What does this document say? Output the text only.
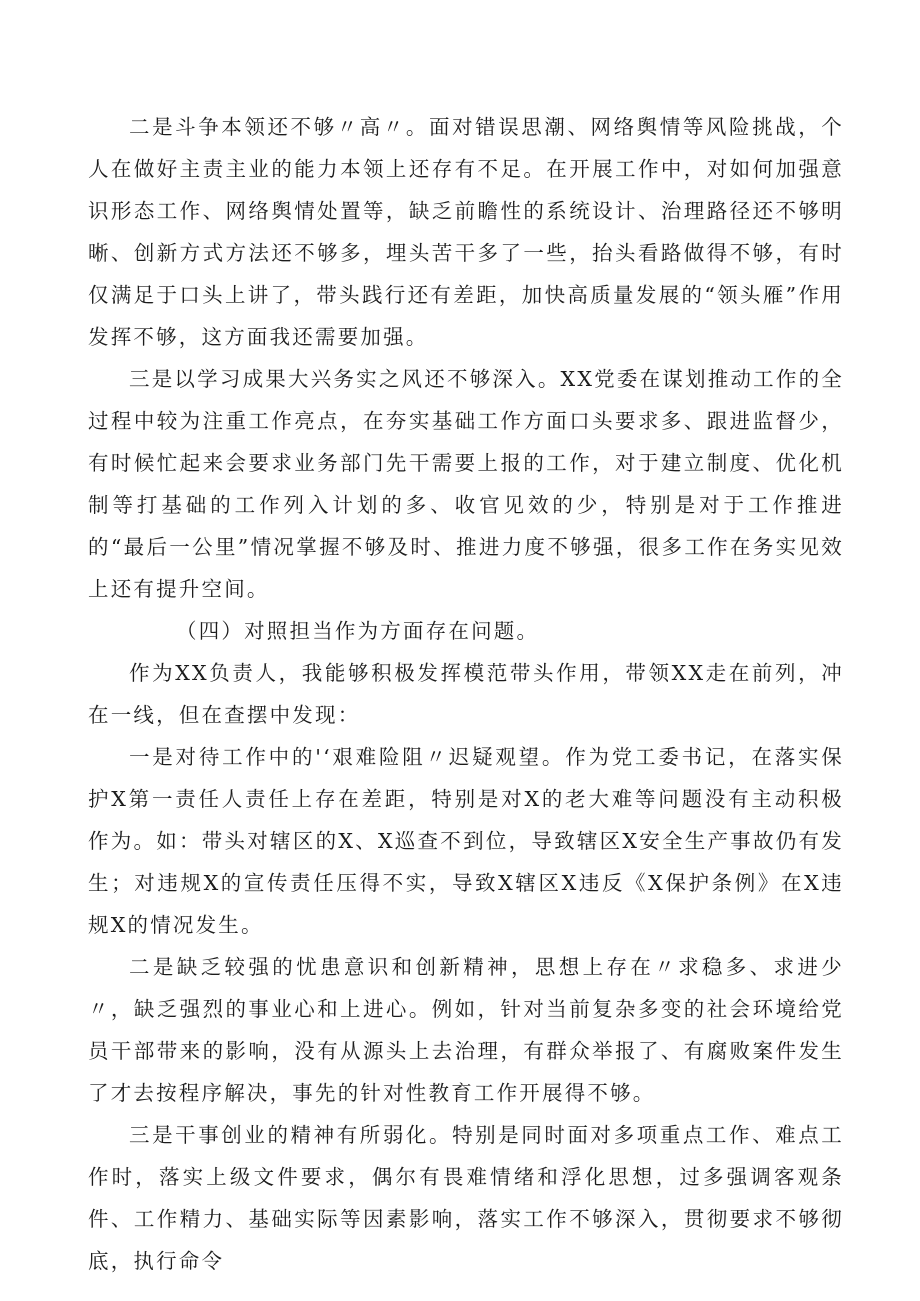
二是斗争本领还不够〃高〃。面对错误思潮、网络舆情等风险挑战，个人在做好主责主业的能力本领上还存有不足。在开展工作中，对如何加强意识形态工作、网络舆情处置等，缺乏前瞻性的系统设计、治理路径还不够明晰、创新方式方法还不够多，埋头苦干多了一些，抬头看路做得不够，有时仅满足于口头上讲了，带头践行还有差距，加快高质量发展的“领头雁”作用发挥不够，这方面我还需要加强。

三是以学习成果大兴务实之风还不够深入。XX党委在谋划推动工作的全过程中较为注重工作亮点，在夯实基础工作方面口头要求多、跟进监督少，有时候忙起来会要求业务部门先干需要上报的工作，对于建立制度、优化机制等打基础的工作列入计划的多、收官见效的少，特别是对于工作推进的“最后一公里”情况掌握不够及时、推进力度不够强，很多工作在务实见效上还有提升空间。

（四）对照担当作为方面存在问题。

作为XX负责人，我能够积极发挥模范带头作用，带领XX走在前列，冲在一线，但在查摆中发现：

一是对待工作中的'‘艰难险阻〃迟疑观望。作为党工委书记，在落实保护X第一责任人责任上存在差距，特别是对X的老大难等问题没有主动积极作为。如：带头对辖区的X、X巡查不到位，导致辖区X安全生产事故仍有发生；对违规X的宣传责任压得不实，导致X辖区X违反《X保护条例》在X违规X的情况发生。

二是缺乏较强的忧患意识和创新精神，思想上存在〃求稳多、求进少〃，缺乏强烈的事业心和上进心。例如，针对当前复杂多变的社会环境给党员干部带来的影响，没有从源头上去治理，有群众举报了、有腐败案件发生了才去按程序解决，事先的针对性教育工作开展得不够。

三是干事创业的精神有所弱化。特别是同时面对多项重点工作、难点工作时，落实上级文件要求，偶尔有畏难情绪和浮化思想，过多强调客观条件、工作精力、基础实际等因素影响，落实工作不够深入，贯彻要求不够彻底，执行命令
